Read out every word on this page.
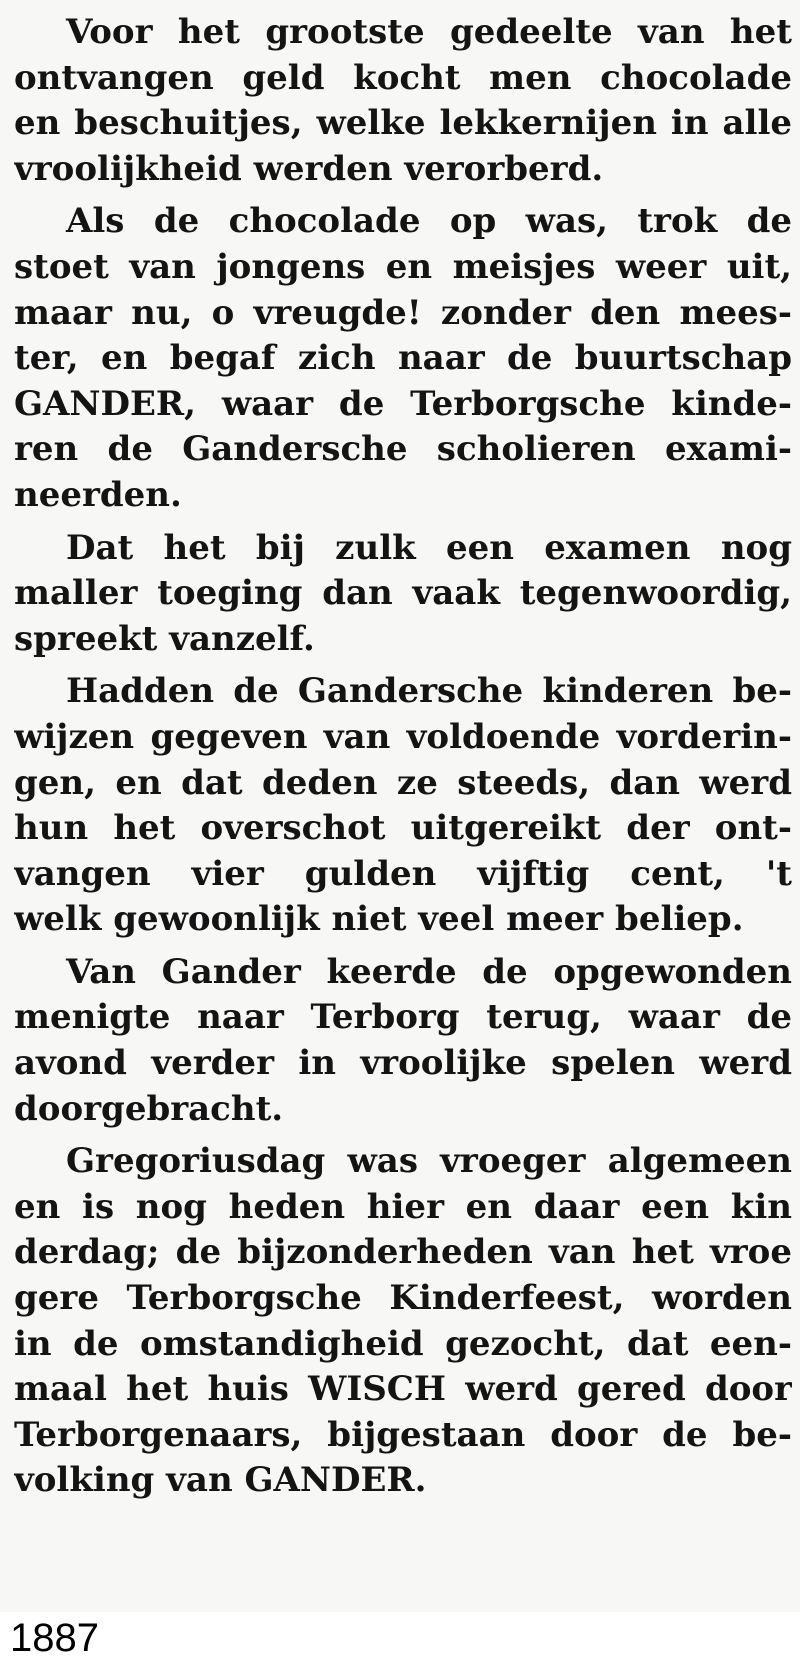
Voor het grootste gedeelte van het
ontvangen geld kocht men chocolade
en beschuitjes, welke lekkernijen in alle
vroolijkheid werden verorberd.
Als de chocolade op was, trok de
stoet van jongens en meisjes weer uit,
maar nu, o vreugde! zonder den mees-
ter, en begaf zich naar de buurtschap
GANDER, waar de Terborgsche kinde-
ren de Gandersche scholieren exami-
neerden.
Dat het bij zulk een examen nog
maller toeging dan vaak tegenwoordig,
spreekt vanzelf.
Hadden de Gandersche kinderen be-
wijzen gegeven van voldoende vorderin-
gen, en dat deden ze steeds, dan werd
hun het overschot uitgereikt der ont-
vangen vier gulden vijftig cent, 't
welk gewoonlijk niet veel meer beliep.
Van Gander keerde de opgewonden
menigte naar Terborg terug, waar de
avond verder in vroolijke spelen werd
doorgebracht.
Gregoriusdag was vroeger algemeen
en is nog heden hier en daar een kin
derdag; de bijzonderheden van het vroe
gere Terborgsche Kinderfeest, worden
in de omstandigheid gezocht, dat een-
maal het huis WISCH werd gered door
Terborgenaars, bijgestaan door de be-
volking van GANDER.
1887
